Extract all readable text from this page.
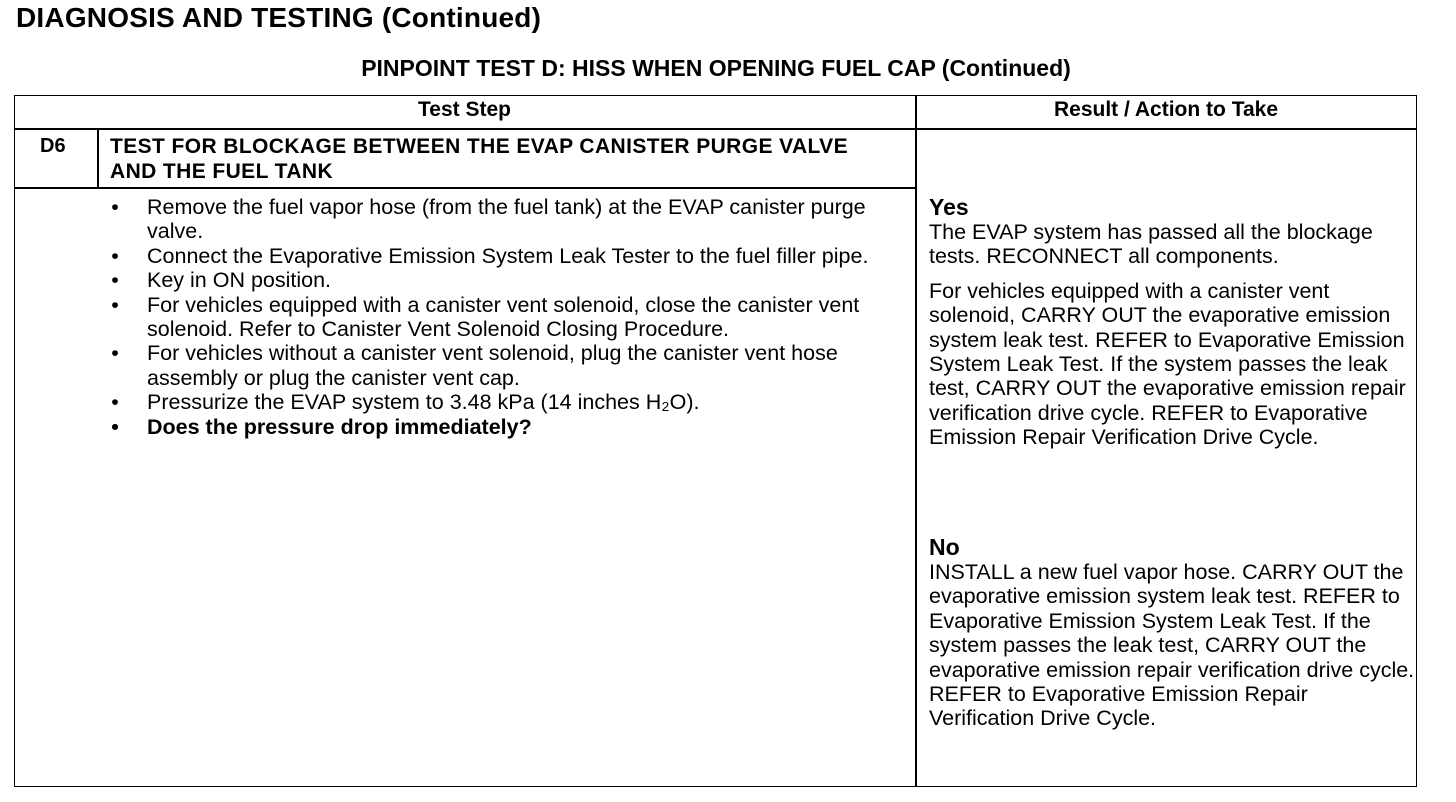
DIAGNOSIS AND TESTING (Continued)
PINPOINT TEST D: HISS WHEN OPENING FUEL CAP (Continued)
Test Step	Result / Action to Take
D6 TEST FOR BLOCKAGE BETWEEN THE EVAP CANISTER PURGE VALVE AND THE FUEL TANK
• Remove the fuel vapor hose (from the fuel tank) at the EVAP canister purge valve.
• Connect the Evaporative Emission System Leak Tester to the fuel filler pipe.
• Key in ON position.
• For vehicles equipped with a canister vent solenoid, close the canister vent solenoid. Refer to Canister Vent Solenoid Closing Procedure.
• For vehicles without a canister vent solenoid, plug the canister vent hose assembly or plug the canister vent cap.
• Pressurize the EVAP system to 3.48 kPa (14 inches H₂O).
• Does the pressure drop immediately?
Yes

The EVAP system has passed all the blockage tests. RECONNECT all components.

For vehicles equipped with a canister vent solenoid, CARRY OUT the evaporative emission system leak test. REFER to Evaporative Emission System Leak Test. If the system passes the leak test, CARRY OUT the evaporative emission repair verification drive cycle. REFER to Evaporative Emission Repair Verification Drive Cycle.

No

INSTALL a new fuel vapor hose. CARRY OUT the evaporative emission system leak test. REFER to Evaporative Emission System Leak Test. If the system passes the leak test, CARRY OUT the evaporative emission repair verification drive cycle. REFER to Evaporative Emission Repair Verification Drive Cycle.
